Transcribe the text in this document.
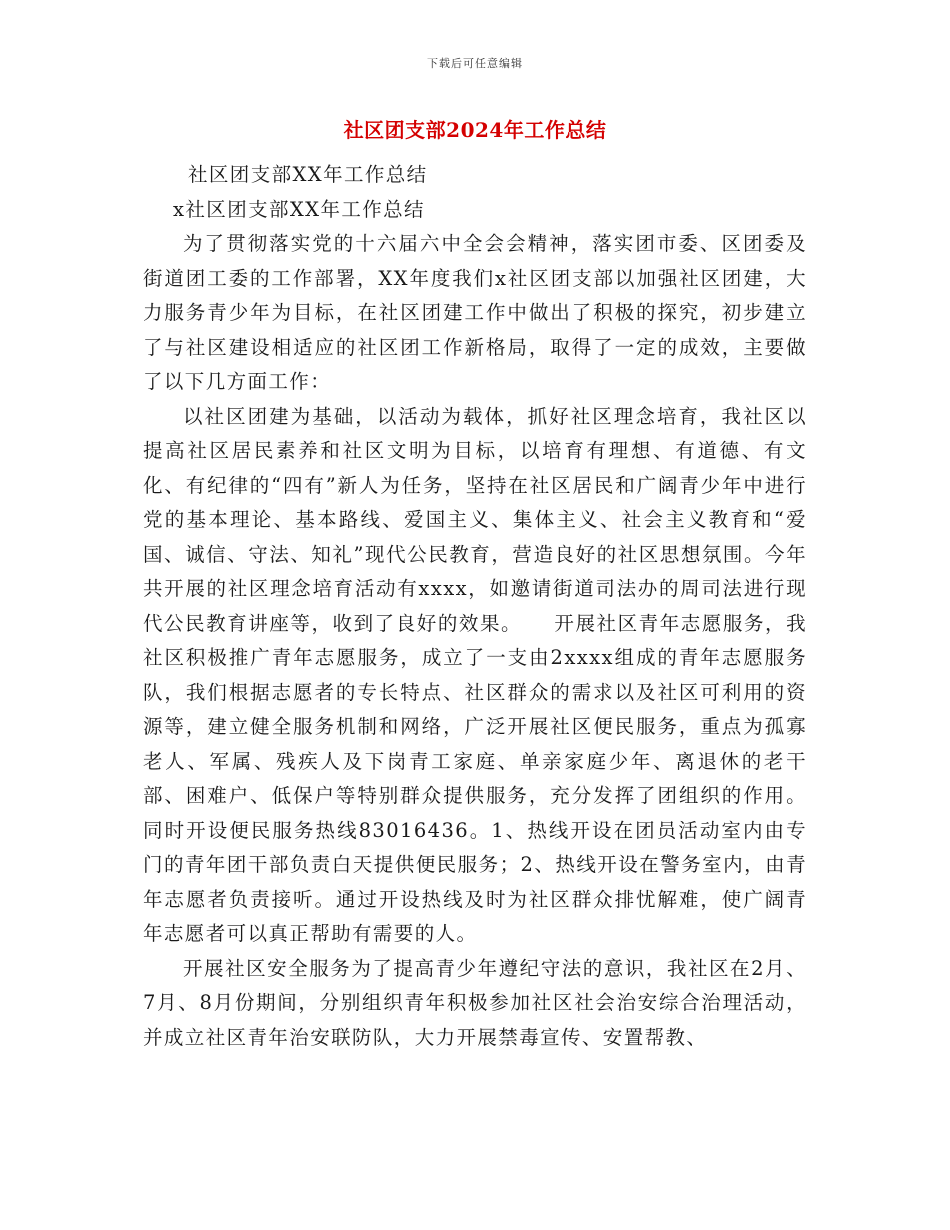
下载后可任意编辑
社区团支部2024年工作总结

社区团支部XX年工作总结

x社区团支部XX年工作总结

为了贯彻落实党的十六届六中全会会精神，落实团市委、区团委及街道团工委的工作部署，XX年度我们x社区团支部以加强社区团建，大力服务青少年为目标，在社区团建工作中做出了积极的探究，初步建立了与社区建设相适应的社区团工作新格局，取得了一定的成效，主要做了以下几方面工作：

以社区团建为基础，以活动为载体，抓好社区理念培育，我社区以提高社区居民素养和社区文明为目标，以培育有理想、有道德、有文化、有纪律的“四有”新人为任务，坚持在社区居民和广阔青少年中进行党的基本理论、基本路线、爱国主义、集体主义、社会主义教育和“爱国、诚信、守法、知礼”现代公民教育，营造良好的社区思想氛围。今年共开展的社区理念培育活动有xxxx，如邀请街道司法办的周司法进行现代公民教育讲座等，收到了良好的效果。　　开展社区青年志愿服务，我社区积极推广青年志愿服务，成立了一支由2xxxx组成的青年志愿服务队，我们根据志愿者的专长特点、社区群众的需求以及社区可利用的资源等，建立健全服务机制和网络，广泛开展社区便民服务，重点为孤寡老人、军属、残疾人及下岗青工家庭、单亲家庭少年、离退休的老干部、困难户、低保户等特别群众提供服务，充分发挥了团组织的作用。同时开设便民服务热线83016436。1、热线开设在团员活动室内由专门的青年团干部负责白天提供便民服务；2、热线开设在警务室内，由青年志愿者负责接听。通过开设热线及时为社区群众排忧解难，使广阔青年志愿者可以真正帮助有需要的人。

开展社区安全服务为了提高青少年遵纪守法的意识，我社区在2月、7月、8月份期间，分别组织青年积极参加社区社会治安综合治理活动，并成立社区青年治安联防队，大力开展禁毒宣传、安置帮教、
